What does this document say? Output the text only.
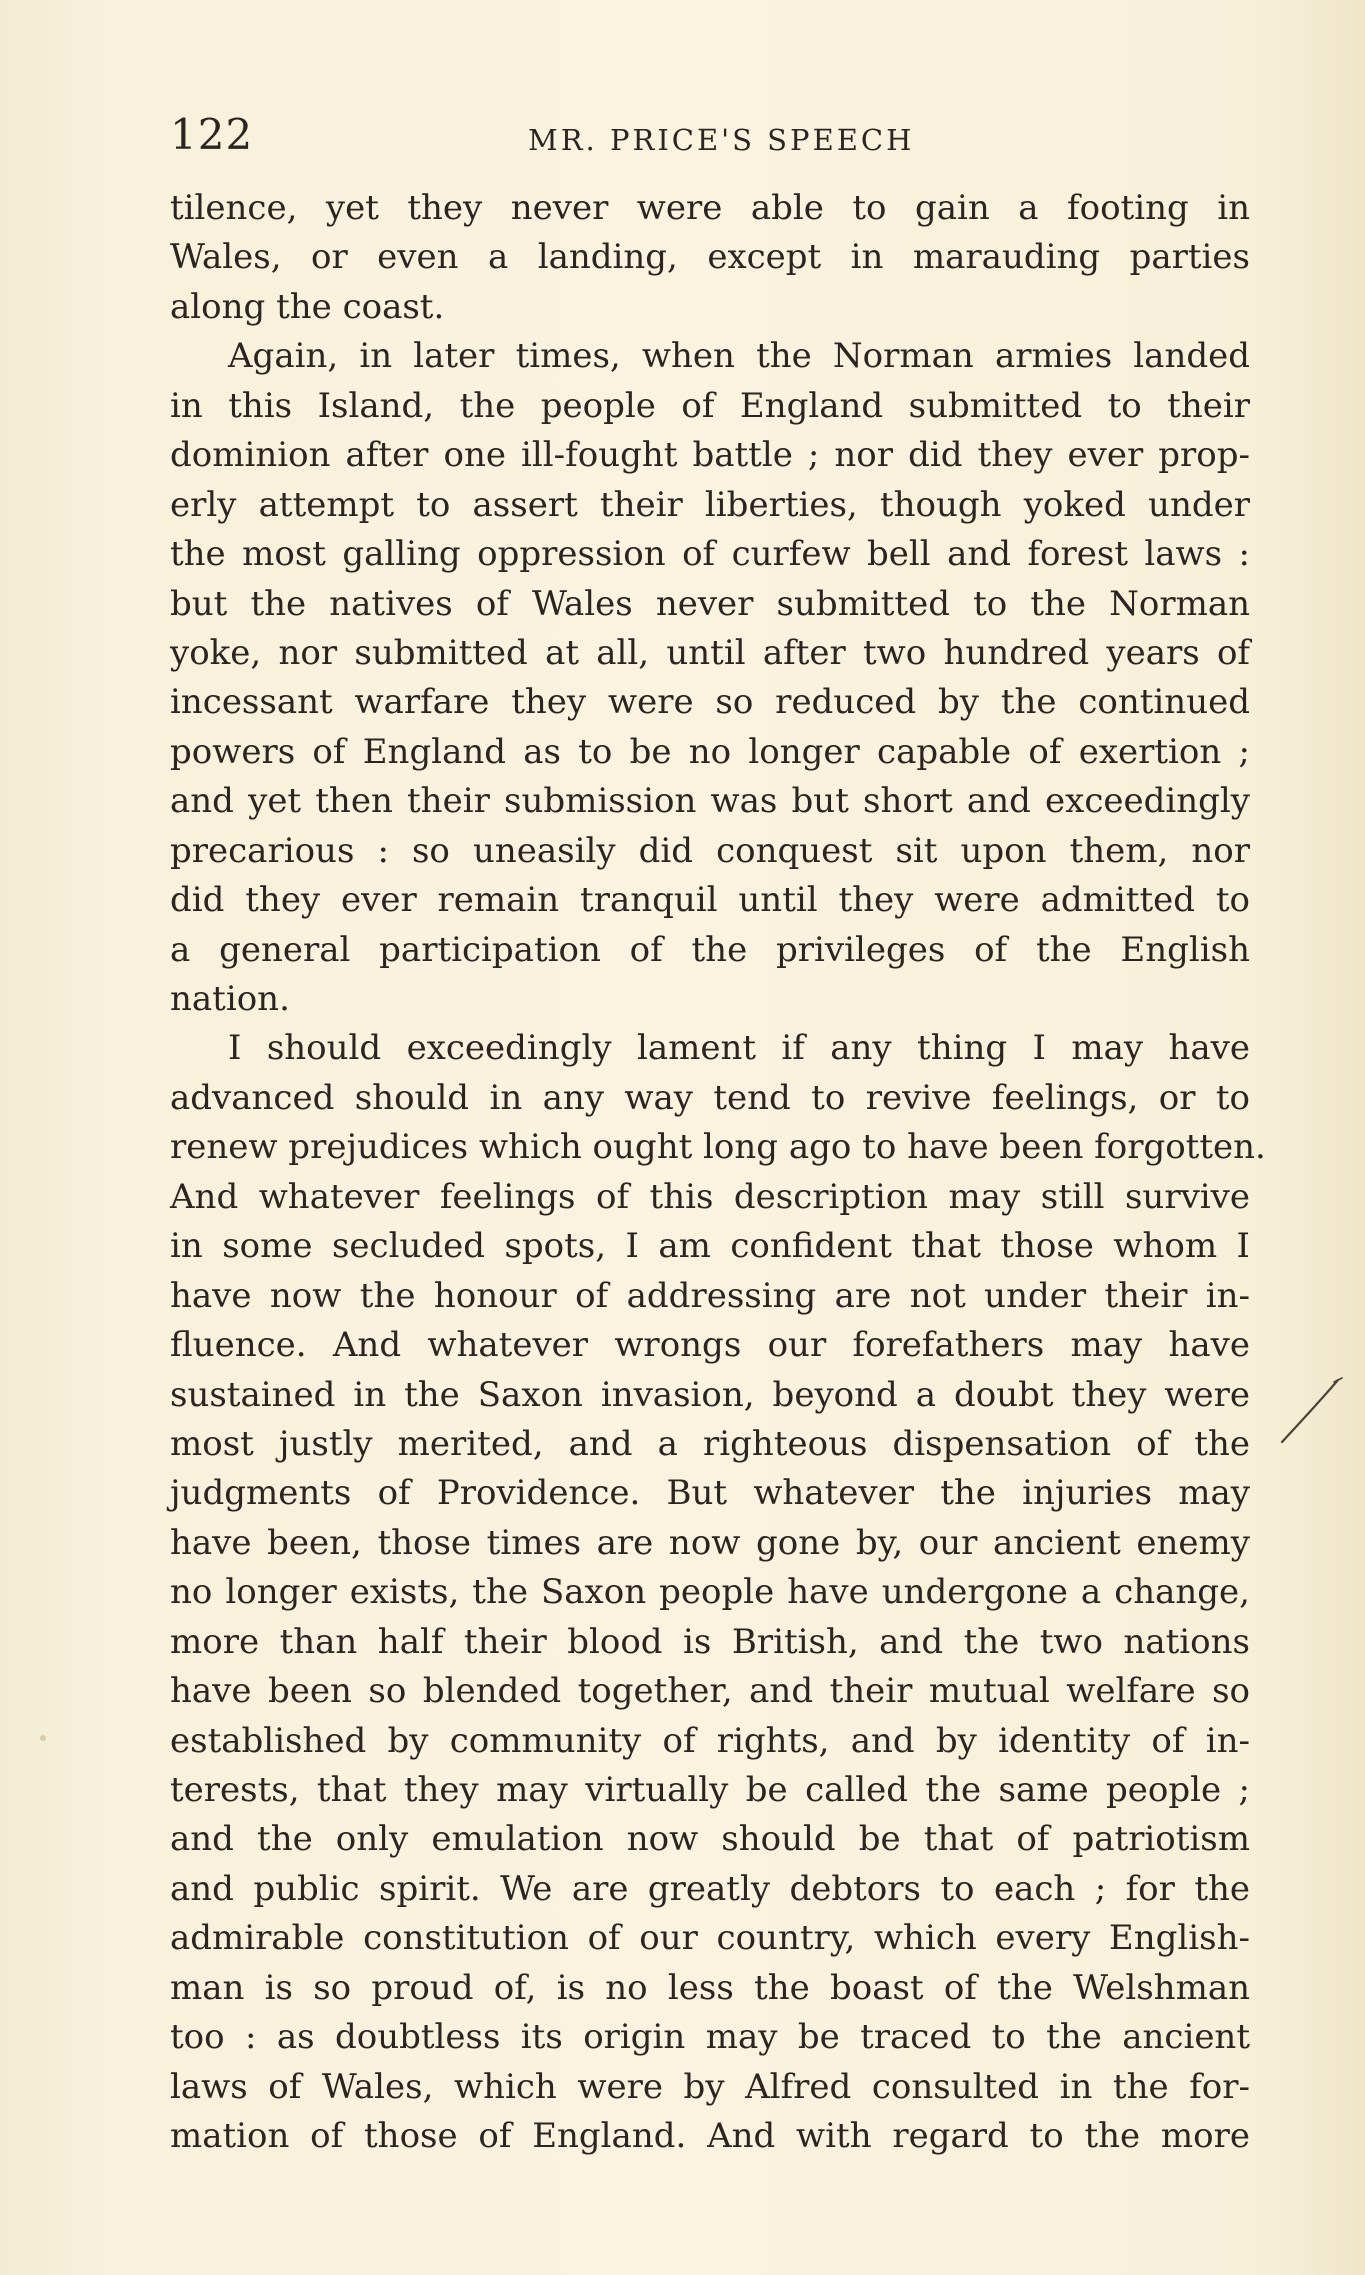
122	MR. PRICE'S SPEECH
tilence, yet they never were able to gain a footing in
Wales, or even a landing, except in marauding parties
along the coast.
Again, in later times, when the Norman armies landed
in this Island, the people of England submitted to their
dominion after one ill-fought battle ; nor did they ever prop-
erly attempt to assert their liberties, though yoked under
the most galling oppression of curfew bell and forest laws :
but the natives of Wales never submitted to the Norman
yoke, nor submitted at all, until after two hundred years of
incessant warfare they were so reduced by the continued
powers of England as to be no longer capable of exertion ;
and yet then their submission was but short and exceedingly
precarious : so uneasily did conquest sit upon them, nor
did they ever remain tranquil until they were admitted to
a general participation of the privileges of the English
nation.
I should exceedingly lament if any thing I may have
advanced should in any way tend to revive feelings, or to
renew prejudices which ought long ago to have been forgotten.
And whatever feelings of this description may still survive
in some secluded spots, I am confident that those whom I
have now the honour of addressing are not under their in-
fluence. And whatever wrongs our forefathers may have
sustained in the Saxon invasion, beyond a doubt they were
most justly merited, and a righteous dispensation of the
judgments of Providence. But whatever the injuries may
have been, those times are now gone by, our ancient enemy
no longer exists, the Saxon people have undergone a change,
more than half their blood is British, and the two nations
have been so blended together, and their mutual welfare so
established by community of rights, and by identity of in-
terests, that they may virtually be called the same people ;
and the only emulation now should be that of patriotism
and public spirit. We are greatly debtors to each ; for the
admirable constitution of our country, which every English-
man is so proud of, is no less the boast of the Welshman
too : as doubtless its origin may be traced to the ancient
laws of Wales, which were by Alfred consulted in the for-
mation of those of England. And with regard to the more
